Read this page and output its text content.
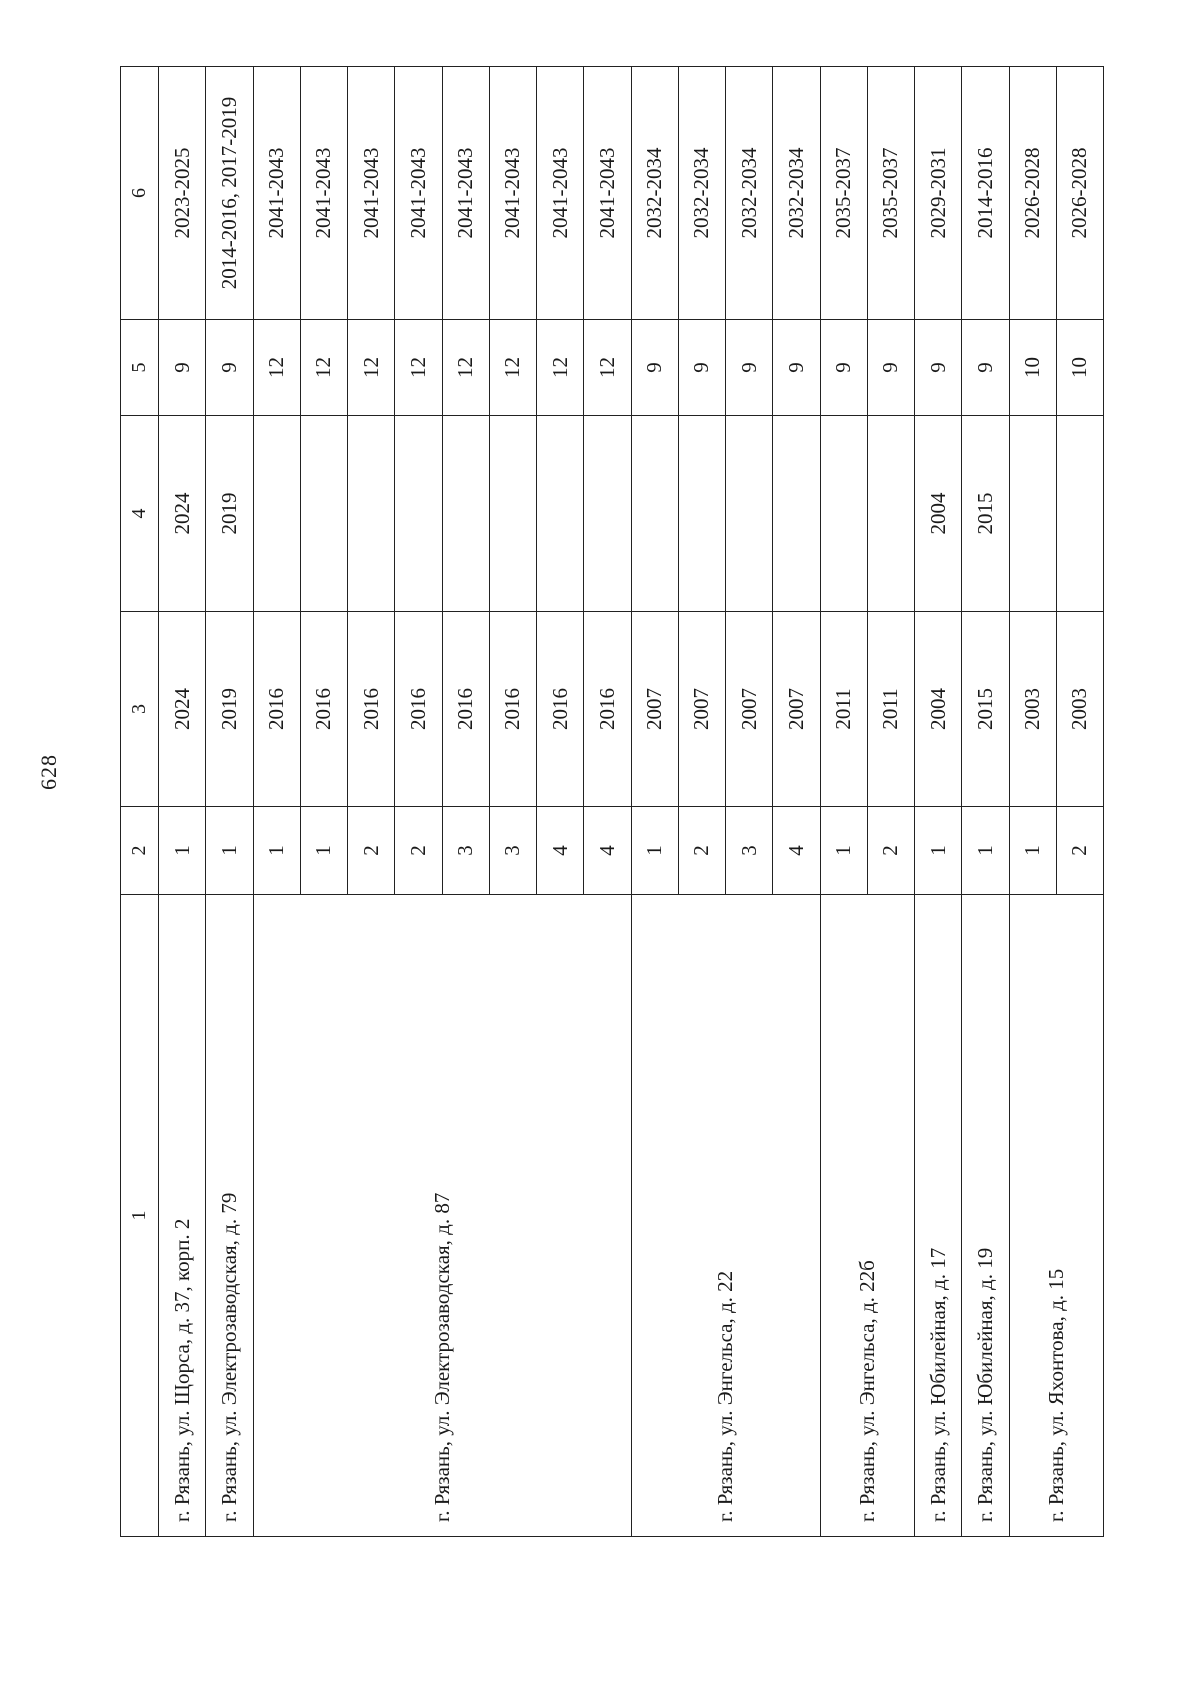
628
1	2	3	4	5	6
г. Рязань, ул. Щорса, д. 37, корп. 2	1	2024	2024	9	2023-2025
г. Рязань, ул. Электрозаводская, д. 79	1	2019	2019	9	2014-2016, 2017-2019
г. Рязань, ул. Электрозаводская, д. 87	1	2016		12	2041-2043
	1	2016		12	2041-2043
	2	2016		12	2041-2043
	2	2016		12	2041-2043
	3	2016		12	2041-2043
	3	2016		12	2041-2043
	4	2016		12	2041-2043
	4	2016		12	2041-2043
г. Рязань, ул. Энгельса, д. 22	1	2007		9	2032-2034
	2	2007		9	2032-2034
	3	2007		9	2032-2034
	4	2007		9	2032-2034
г. Рязань, ул. Энгельса, д. 22б	1	2011		9	2035-2037
	2	2011		9	2035-2037
г. Рязань, ул. Юбилейная, д. 17	1	2004	2004	9	2029-2031
г. Рязань, ул. Юбилейная, д. 19	1	2015	2015	9	2014-2016
г. Рязань, ул. Яхонтова, д. 15	1	2003		10	2026-2028
	2	2003		10	2026-2028
